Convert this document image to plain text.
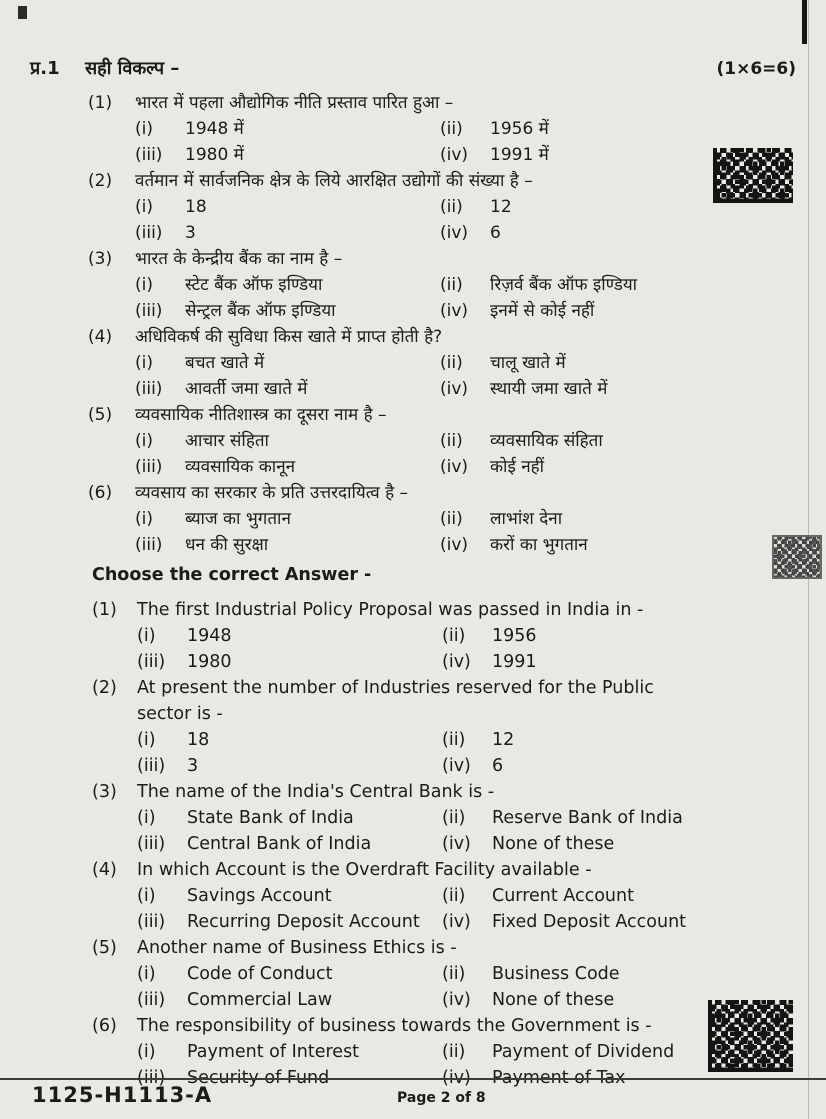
प्र.1	सही विकल्प –	(1×6=6)
(1)	भारत में पहला औद्योगिक नीति प्रस्ताव पारित हुआ –
(i)	1948 में	(ii)	1956 में
(iii)	1980 में	(iv)	1991 में
(2)	वर्तमान में सार्वजनिक क्षेत्र के लिये आरक्षित उद्योगों की संख्या है –
(i)	18	(ii)	12
(iii)	3	(iv)	6
(3)	भारत के केन्द्रीय बैंक का नाम है –
(i)	स्टेट बैंक ऑफ इण्डिया	(ii)	रिज़र्व बैंक ऑफ इण्डिया
(iii)	सेन्ट्रल बैंक ऑफ इण्डिया	(iv)	इनमें से कोई नहीं
(4)	अधिविकर्ष की सुविधा किस खाते में प्राप्त होती है?
(i)	बचत खाते में	(ii)	चालू खाते में
(iii)	आवर्ती जमा खाते में	(iv)	स्थायी जमा खाते में
(5)	व्यवसायिक नीतिशास्त्र का दूसरा नाम है –
(i)	आचार संहिता	(ii)	व्यवसायिक संहिता
(iii)	व्यवसायिक कानून	(iv)	कोई नहीं
(6)	व्यवसाय का सरकार के प्रति उत्तरदायित्व है –
(i)	ब्याज का भुगतान	(ii)	लाभांश देना
(iii)	धन की सुरक्षा	(iv)	करों का भुगतान
Choose the correct Answer -
(1)	The first Industrial Policy Proposal was passed in India in -
(i)	1948	(ii)	1956
(iii)	1980	(iv)	1991
(2)	At present the number of Industries reserved for the Public sector is -
(i)	18	(ii)	12
(iii)	3	(iv)	6
(3)	The name of the India's Central Bank is -
(i)	State Bank of India	(ii)	Reserve Bank of India
(iii)	Central Bank of India	(iv)	None of these
(4)	In which Account is the Overdraft Facility available -
(i)	Savings Account	(ii)	Current Account
(iii)	Recurring Deposit Account	(iv)	Fixed Deposit Account
(5)	Another name of Business Ethics is -
(i)	Code of Conduct	(ii)	Business Code
(iii)	Commercial Law	(iv)	None of these
(6)	The responsibility of business towards the Government is -
(i)	Payment of Interest	(ii)	Payment of Dividend
(iii)	Security of Fund	(iv)	Payment of Tax
1125-H1113-A	Page 2 of 8
